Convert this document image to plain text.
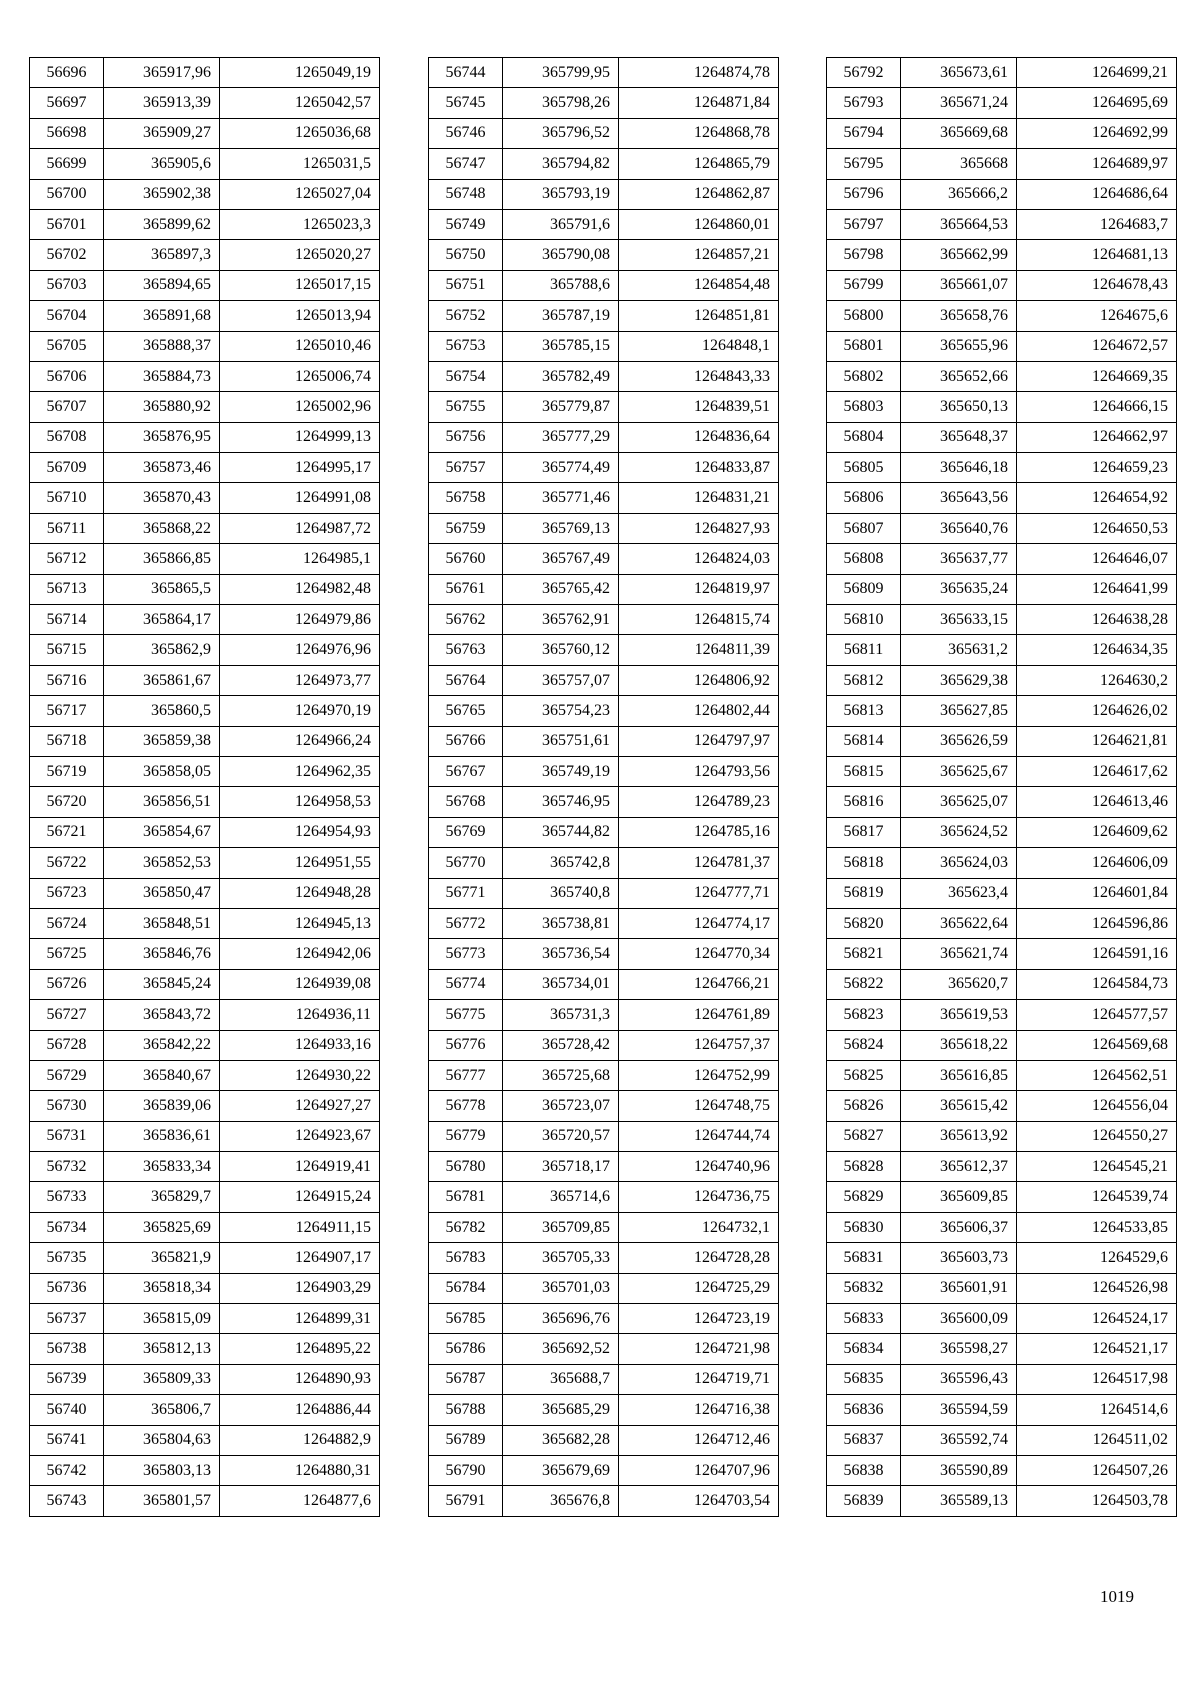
56696	365917,96	1265049,19
56697	365913,39	1265042,57
56698	365909,27	1265036,68
56699	365905,6	1265031,5
56700	365902,38	1265027,04
56701	365899,62	1265023,3
56702	365897,3	1265020,27
56703	365894,65	1265017,15
56704	365891,68	1265013,94
56705	365888,37	1265010,46
56706	365884,73	1265006,74
56707	365880,92	1265002,96
56708	365876,95	1264999,13
56709	365873,46	1264995,17
56710	365870,43	1264991,08
56711	365868,22	1264987,72
56712	365866,85	1264985,1
56713	365865,5	1264982,48
56714	365864,17	1264979,86
56715	365862,9	1264976,96
56716	365861,67	1264973,77
56717	365860,5	1264970,19
56718	365859,38	1264966,24
56719	365858,05	1264962,35
56720	365856,51	1264958,53
56721	365854,67	1264954,93
56722	365852,53	1264951,55
56723	365850,47	1264948,28
56724	365848,51	1264945,13
56725	365846,76	1264942,06
56726	365845,24	1264939,08
56727	365843,72	1264936,11
56728	365842,22	1264933,16
56729	365840,67	1264930,22
56730	365839,06	1264927,27
56731	365836,61	1264923,67
56732	365833,34	1264919,41
56733	365829,7	1264915,24
56734	365825,69	1264911,15
56735	365821,9	1264907,17
56736	365818,34	1264903,29
56737	365815,09	1264899,31
56738	365812,13	1264895,22
56739	365809,33	1264890,93
56740	365806,7	1264886,44
56741	365804,63	1264882,9
56742	365803,13	1264880,31
56743	365801,57	1264877,6
56744	365799,95	1264874,78
56745	365798,26	1264871,84
56746	365796,52	1264868,78
56747	365794,82	1264865,79
56748	365793,19	1264862,87
56749	365791,6	1264860,01
56750	365790,08	1264857,21
56751	365788,6	1264854,48
56752	365787,19	1264851,81
56753	365785,15	1264848,1
56754	365782,49	1264843,33
56755	365779,87	1264839,51
56756	365777,29	1264836,64
56757	365774,49	1264833,87
56758	365771,46	1264831,21
56759	365769,13	1264827,93
56760	365767,49	1264824,03
56761	365765,42	1264819,97
56762	365762,91	1264815,74
56763	365760,12	1264811,39
56764	365757,07	1264806,92
56765	365754,23	1264802,44
56766	365751,61	1264797,97
56767	365749,19	1264793,56
56768	365746,95	1264789,23
56769	365744,82	1264785,16
56770	365742,8	1264781,37
56771	365740,8	1264777,71
56772	365738,81	1264774,17
56773	365736,54	1264770,34
56774	365734,01	1264766,21
56775	365731,3	1264761,89
56776	365728,42	1264757,37
56777	365725,68	1264752,99
56778	365723,07	1264748,75
56779	365720,57	1264744,74
56780	365718,17	1264740,96
56781	365714,6	1264736,75
56782	365709,85	1264732,1
56783	365705,33	1264728,28
56784	365701,03	1264725,29
56785	365696,76	1264723,19
56786	365692,52	1264721,98
56787	365688,7	1264719,71
56788	365685,29	1264716,38
56789	365682,28	1264712,46
56790	365679,69	1264707,96
56791	365676,8	1264703,54
56792	365673,61	1264699,21
56793	365671,24	1264695,69
56794	365669,68	1264692,99
56795	365668	1264689,97
56796	365666,2	1264686,64
56797	365664,53	1264683,7
56798	365662,99	1264681,13
56799	365661,07	1264678,43
56800	365658,76	1264675,6
56801	365655,96	1264672,57
56802	365652,66	1264669,35
56803	365650,13	1264666,15
56804	365648,37	1264662,97
56805	365646,18	1264659,23
56806	365643,56	1264654,92
56807	365640,76	1264650,53
56808	365637,77	1264646,07
56809	365635,24	1264641,99
56810	365633,15	1264638,28
56811	365631,2	1264634,35
56812	365629,38	1264630,2
56813	365627,85	1264626,02
56814	365626,59	1264621,81
56815	365625,67	1264617,62
56816	365625,07	1264613,46
56817	365624,52	1264609,62
56818	365624,03	1264606,09
56819	365623,4	1264601,84
56820	365622,64	1264596,86
56821	365621,74	1264591,16
56822	365620,7	1264584,73
56823	365619,53	1264577,57
56824	365618,22	1264569,68
56825	365616,85	1264562,51
56826	365615,42	1264556,04
56827	365613,92	1264550,27
56828	365612,37	1264545,21
56829	365609,85	1264539,74
56830	365606,37	1264533,85
56831	365603,73	1264529,6
56832	365601,91	1264526,98
56833	365600,09	1264524,17
56834	365598,27	1264521,17
56835	365596,43	1264517,98
56836	365594,59	1264514,6
56837	365592,74	1264511,02
56838	365590,89	1264507,26
56839	365589,13	1264503,78
1019
